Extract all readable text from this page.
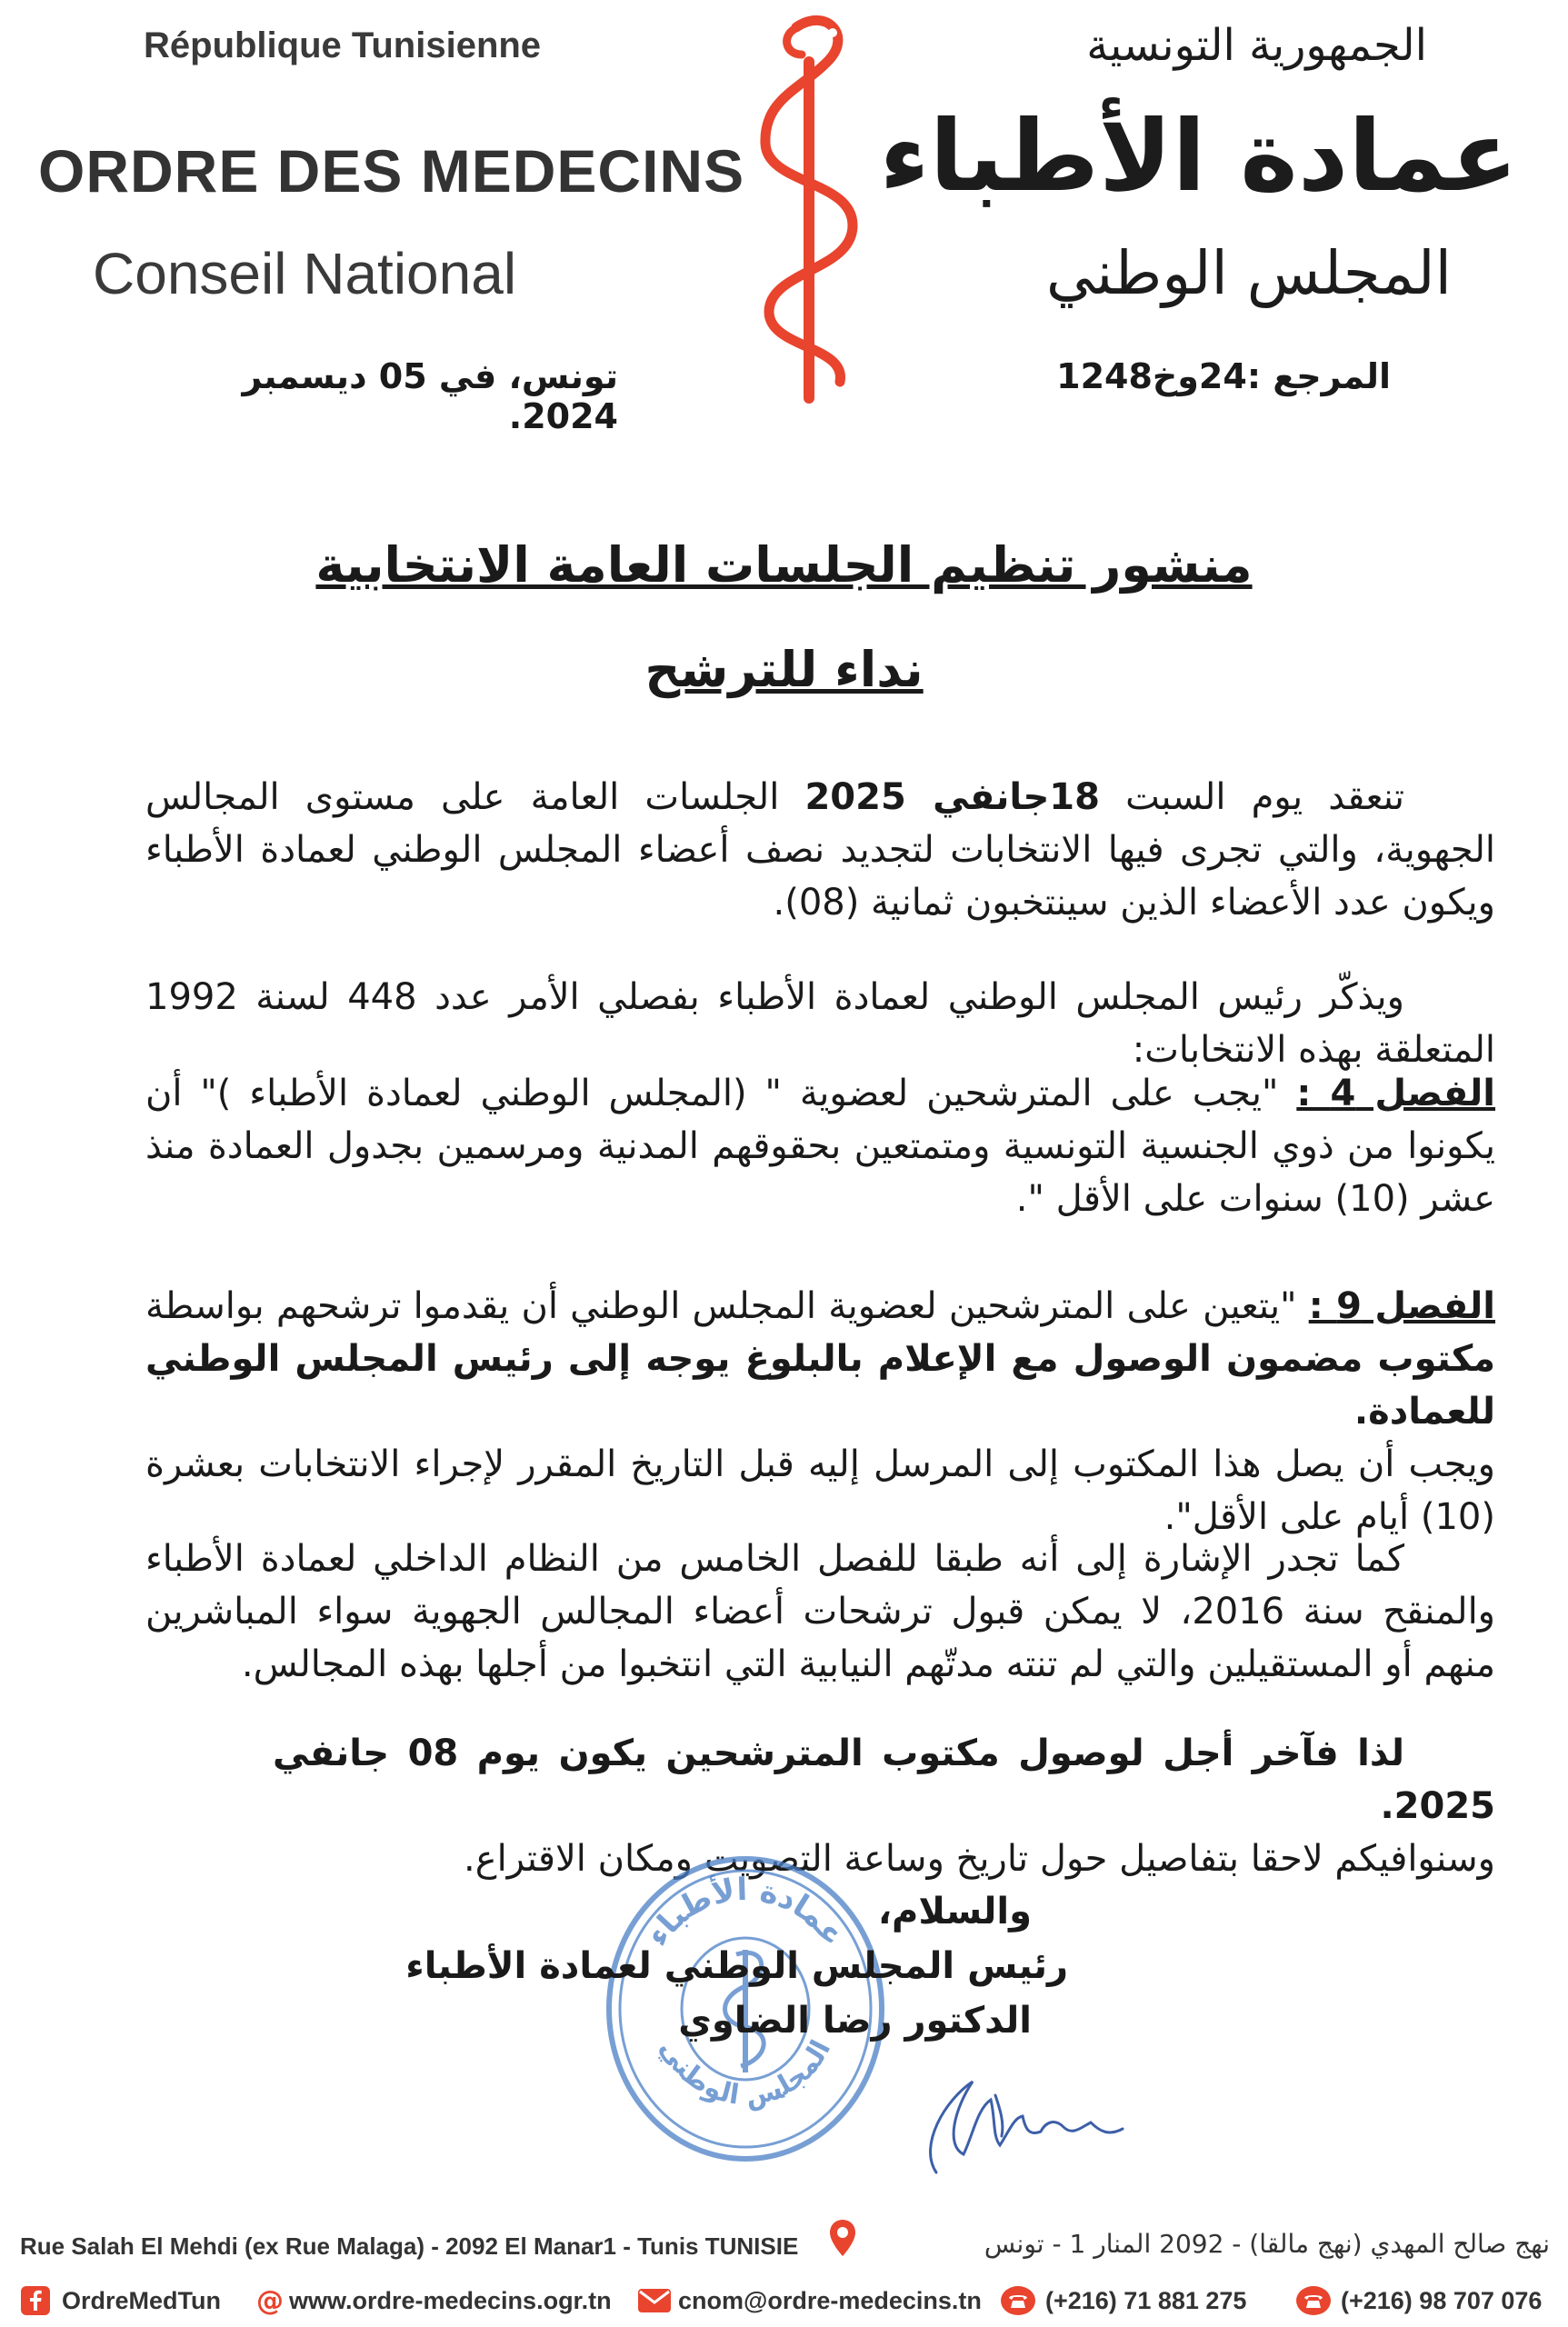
République Tunisienne
ORDRE DES MEDECINS
Conseil National
الجمهورية التونسية
عمادة الأطباء
المجلس الوطني
تونس، في 05 ديسمبر 2024.
المرجع :24وخ1248
منشور تنظيم الجلسات العامة الانتخابية
نداء للترشح
تنعقد يوم السبت 18جانفي 2025 الجلسات العامة على مستوى المجالس الجهوية، والتي تجرى فيها الانتخابات لتجديد نصف أعضاء المجلس الوطني لعمادة الأطباء ويكون عدد الأعضاء الذين سينتخبون ثمانية (08).
ويذكّر رئيس المجلس الوطني لعمادة الأطباء بفصلي الأمر عدد 448 لسنة 1992 المتعلقة بهذه الانتخابات:
الفصل 4 : "يجب على المترشحين لعضوية " (المجلس الوطني لعمادة الأطباء )" أن يكونوا من ذوي الجنسية التونسية ومتمتعين بحقوقهم المدنية ومرسمين بجدول العمادة منذ عشر (10) سنوات على الأقل ".
الفصل 9 : "يتعين على المترشحين لعضوية المجلس الوطني أن يقدموا ترشحهم بواسطة مكتوب مضمون الوصول مع الإعلام بالبلوغ يوجه إلى رئيس المجلس الوطني للعمادة.
ويجب أن يصل هذا المكتوب إلى المرسل إليه قبل التاريخ المقرر لإجراء الانتخابات بعشرة (10) أيام على الأقل".
كما تجدر الإشارة إلى أنه طبقا للفصل الخامس من النظام الداخلي لعمادة الأطباء والمنقح سنة 2016، لا يمكن قبول ترشحات أعضاء المجالس الجهوية سواء المباشرين منهم أو المستقيلين والتي لم تنته مدتّهم النيابية التي انتخبوا من أجلها بهذه المجالس.
لذا فآخر أجل لوصول مكتوب المترشحين يكون يوم 08 جانفي 2025.
وسنوافيكم لاحقا بتفاصيل حول تاريخ وساعة التصويت ومكان الاقتراع.
عمادة الأطباء
المجلس الوطني
والسلام،
رئيس المجلس الوطني لعمادة الأطباء
الدكتور رضا الضاوي
Rue Salah El Mehdi (ex Rue Malaga) - 2092 El Manar1 - Tunis TUNISIE	نهج صالح المهدي (نهج مالقا) - 2092 المنار 1 - تونس
OrdreMedTun @ www.ordre-medecins.ogr.tn	cnom@ordre-medecins.tn	(+216) 71 881 275	(+216) 98 707 076
